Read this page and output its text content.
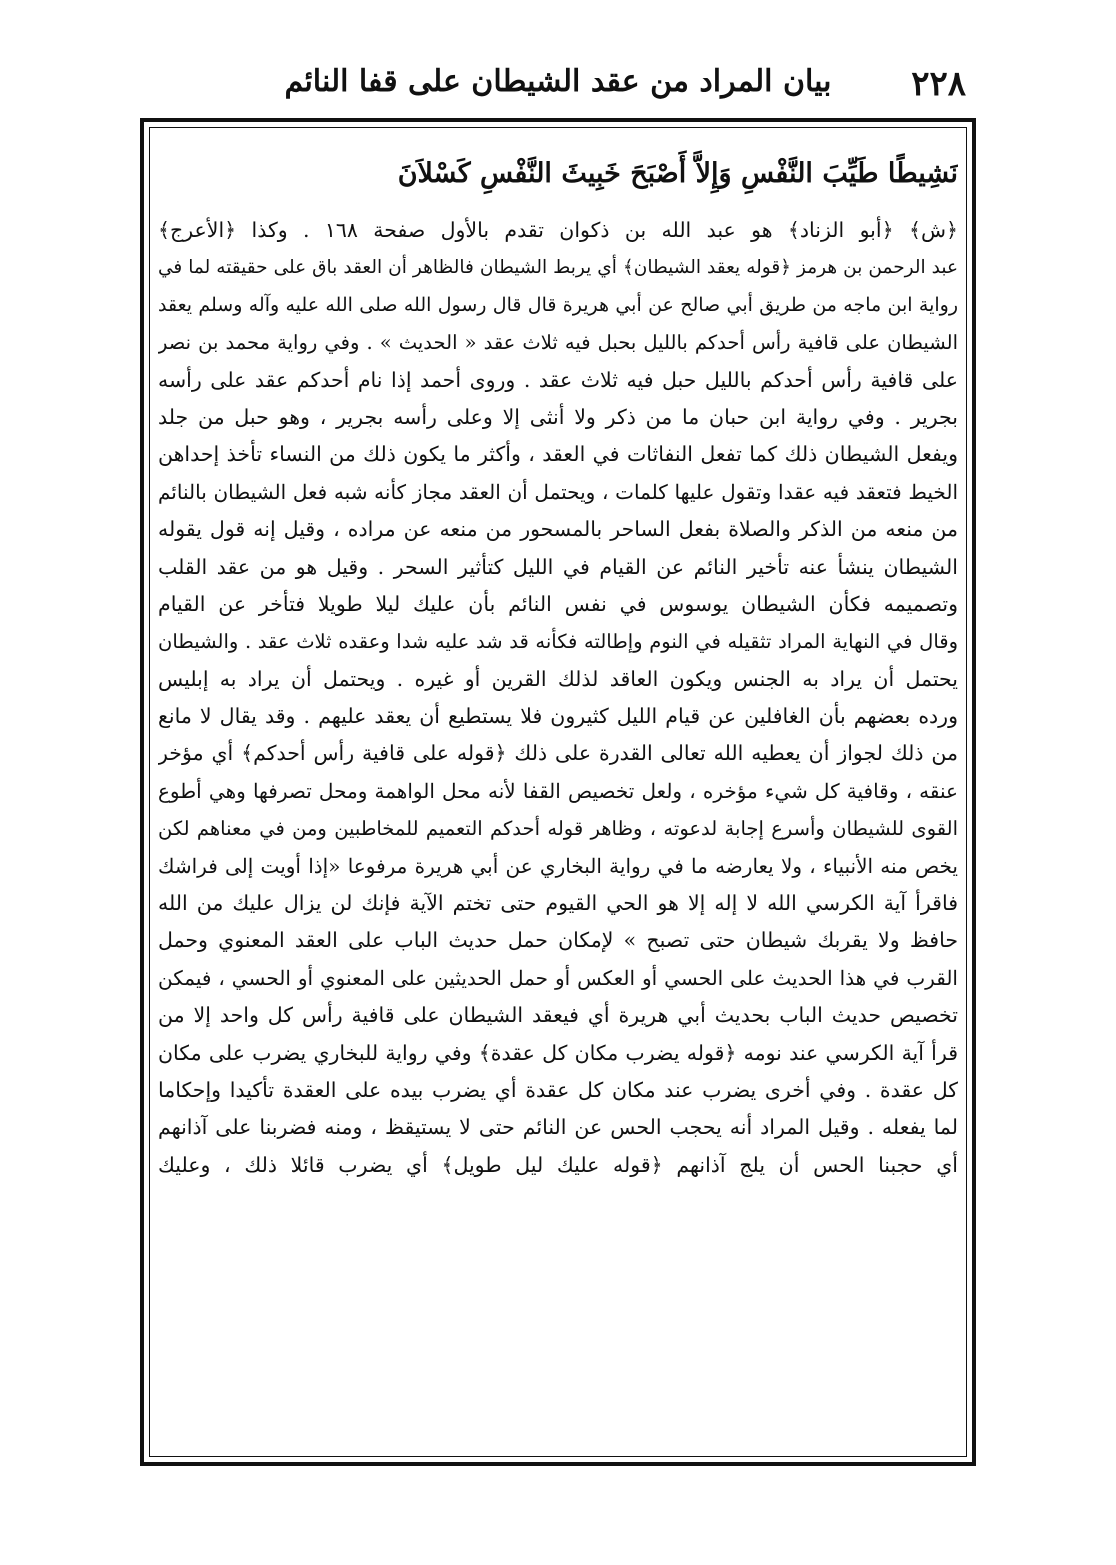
٢٢٨
بيان المراد من عقد الشيطان على قفا النائم
نَشِيطًا طَيِّبَ النَّفْسِ وَإِلاَّ أَصْبَحَ خَبِيثَ النَّفْسِ كَسْلاَنَ
﴿ش﴾ ﴿أبو الزناد﴾ هو عبد الله بن ذكوان تقدم بالأول صفحة ١٦٨ . وكذا ﴿الأعرج﴾
عبد الرحمن بن هرمز ﴿قوله يعقد الشيطان﴾ أي يربط الشيطان فالظاهر أن العقد باق على حقيقته لما في
رواية ابن ماجه من طريق أبي صالح عن أبي هريرة قال قال رسول الله صلى الله عليه وآله وسلم يعقد
الشيطان على قافية رأس أحدكم بالليل بحبل فيه ثلاث عقد « الحديث » . وفي رواية محمد بن نصر
على قافية رأس أحدكم بالليل حبل فيه ثلاث عقد . وروى أحمد إذا نام أحدكم عقد على رأسه
بجرير . وفي رواية ابن حبان ما من ذكر ولا أنثى إلا وعلى رأسه بجرير ، وهو حبل من جلد
ويفعل الشيطان ذلك كما تفعل النفاثات في العقد ، وأكثر ما يكون ذلك من النساء تأخذ إحداهن
الخيط فتعقد فيه عقدا وتقول عليها كلمات ، ويحتمل أن العقد مجاز كأنه شبه فعل الشيطان بالنائم
من منعه من الذكر والصلاة بفعل الساحر بالمسحور من منعه عن مراده ، وقيل إنه قول يقوله
الشيطان ينشأ عنه تأخير النائم عن القيام في الليل كتأثير السحر . وقيل هو من عقد القلب
وتصميمه فكأن الشيطان يوسوس في نفس النائم بأن عليك ليلا طويلا فتأخر عن القيام
وقال في النهاية المراد تثقيله في النوم وإطالته فكأنه قد شد عليه شدا وعقده ثلاث عقد . والشيطان
يحتمل أن يراد به الجنس ويكون العاقد لذلك القرين أو غيره . ويحتمل أن يراد به إبليس
ورده بعضهم بأن الغافلين عن قيام الليل كثيرون فلا يستطيع أن يعقد عليهم . وقد يقال لا مانع
من ذلك لجواز أن يعطيه الله تعالى القدرة على ذلك ﴿قوله على قافية رأس أحدكم﴾ أي مؤخر
عنقه ، وقافية كل شيء مؤخره ، ولعل تخصيص القفا لأنه محل الواهمة ومحل تصرفها وهي أطوع
القوى للشيطان وأسرع إجابة لدعوته ، وظاهر قوله أحدكم التعميم للمخاطبين ومن في معناهم لكن
يخص منه الأنبياء ، ولا يعارضه ما في رواية البخاري عن أبي هريرة مرفوعا «إذا أويت إلى فراشك
فاقرأ آية الكرسي الله لا إله إلا هو الحي القيوم حتى تختم الآية فإنك لن يزال عليك من الله
حافظ ولا يقربك شيطان حتى تصبح » لإمكان حمل حديث الباب على العقد المعنوي وحمل
القرب في هذا الحديث على الحسي أو العكس أو حمل الحديثين على المعنوي أو الحسي ، فيمكن
تخصيص حديث الباب بحديث أبي هريرة أي فيعقد الشيطان على قافية رأس كل واحد إلا من
قرأ آية الكرسي عند نومه ﴿قوله يضرب مكان كل عقدة﴾ وفي رواية للبخاري يضرب على مكان
كل عقدة . وفي أخرى يضرب عند مكان كل عقدة أي يضرب بيده على العقدة تأكيدا وإحكاما
لما يفعله . وقيل المراد أنه يحجب الحس عن النائم حتى لا يستيقظ ، ومنه فضربنا على آذانهم
أي حجبنا الحس أن يلج آذانهم ﴿قوله عليك ليل طويل﴾ أي يضرب قائلا ذلك ، وعليك
